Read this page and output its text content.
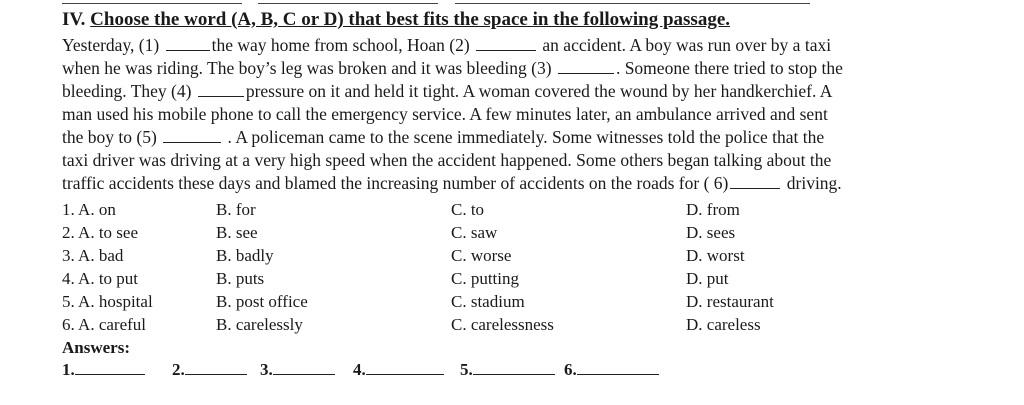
IV. Choose the word (A, B, C or D) that best fits the space in the following passage.
Yesterday, (1)	the way home from school, Hoan (2)	an accident. A boy was run over by a taxi
when he was riding. The boy’s leg was broken and it was bleeding (3)	. Someone there tried to stop the
bleeding. They (4)	pressure on it and held it tight. A woman covered the wound by her handkerchief. A
man used his mobile phone to call the emergency service. A few minutes later, an ambulance arrived and sent
the boy to (5)	. A policeman came to the scene immediately. Some witnesses told the police that the
taxi driver was driving at a very high speed when the accident happened. Some others began talking about the
traffic accidents these days and blamed the increasing number of accidents on the roads for ( 6)	driving.
1. A. on	B. for	C. to	D. from
2. A. to see	B. see	C. saw	D. sees
3. A. bad	B. badly	C. worse	D. worst
4. A. to put	B. puts	C. putting	D. put
5. A. hospital	B. post office	C. stadium	D. restaurant
6. A. careful	B. carelessly	C. carelessness	D. careless
Answers:
1.	2.	3.	4.	5.	6.
